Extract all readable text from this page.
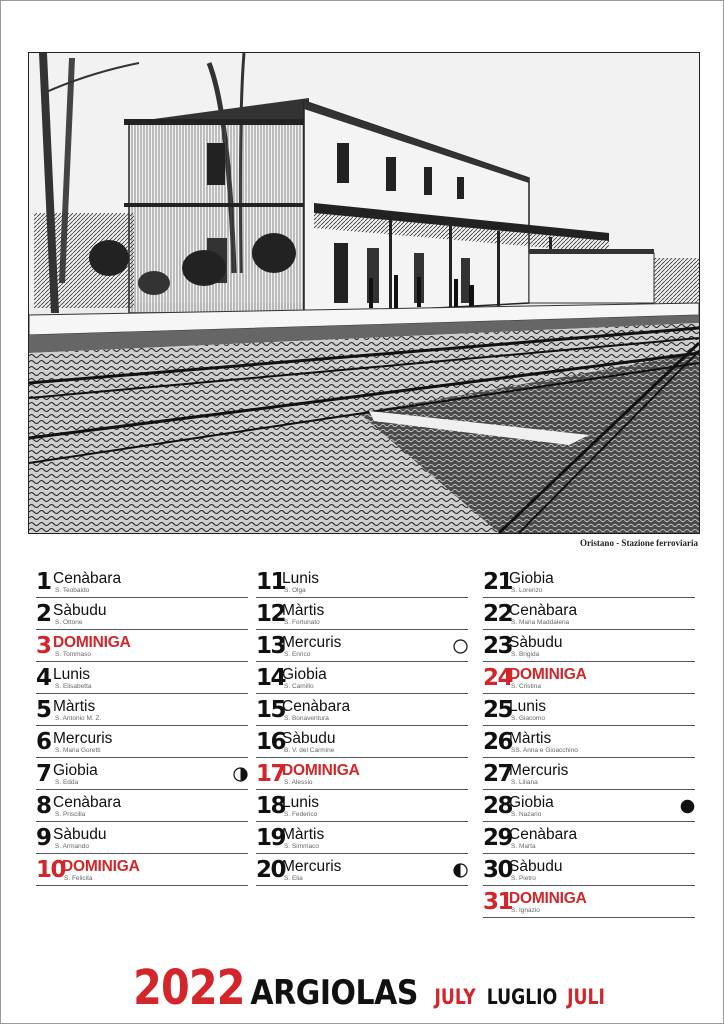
Oristano - Stazione ferroviaria
1 Cenàbara
S. Teobaldo
2 Sàbudu
S. Ottone
3 DOMINIGA
S. Tommaso
4 Lunis
S. Elisabetta
5 Màrtis
S. Antonio M. Z.
6 Mercuris
S. Maria Goretti
7 Giobia
S. Edda
8 Cenàbara
S. Priscilla
9 Sàbudu
S. Armando
10
DOMINIGA
S. Felicita
11
Lunis
S. Olga
12
Màrtis
S. Fortunato
13
Mercuris
S. Enrico
14
Giobia
S. Camillo
15
Cenàbara
S. Bonaventura
16
Sàbudu
B. V. del Carmine
17
DOMINIGA
S. Alessio
18
Lunis
S. Federico
19
Màrtis
S. Simmaco
20
Mercuris
S. Elia
21
Giobia
S. Lorenzo
22
Cenàbara
S. Maria Maddalena
23
Sàbudu
S. Brigida
24
DOMINIGA
S. Cristina
25
Lunis
S. Giacomo
26
Màrtis
SS. Anna e Gioacchino
27
Mercuris
S. Liliana
28
Giobia
S. Nazario
29
Cenàbara
S. Marta
30
Sàbudu
S. Pietro
31
DOMINIGA
S. Ignazio
2022 ARGIOLAS JULY LUGLIO JULI
